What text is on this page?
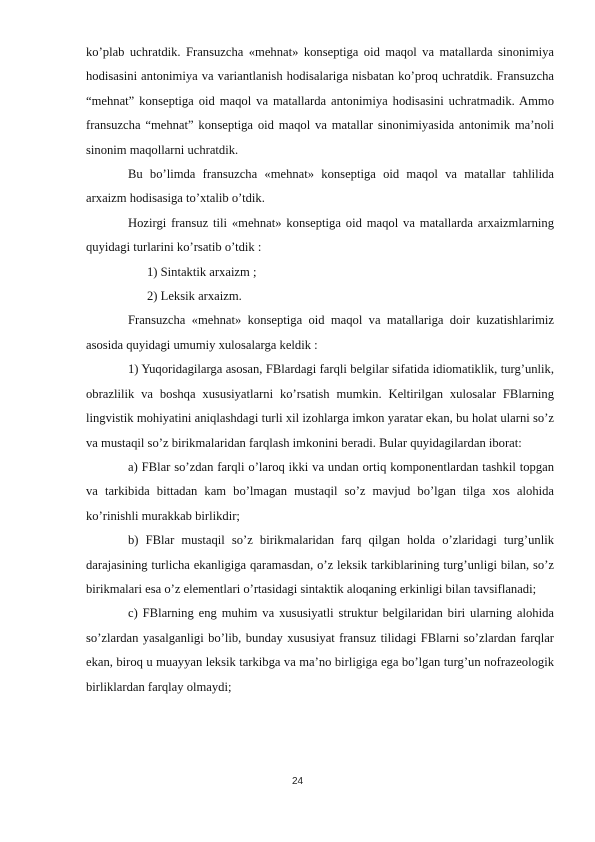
ko’plab uchratdik. Fransuzcha «mehnat» konseptiga oid maqol va matallarda sinonimiya hodisasini antonimiya va variantlanish hodisalariga nisbatan ko’proq uchratdik. Fransuzcha “mehnat” konseptiga oid maqol va matallarda antonimiya hodisasini uchratmadik. Ammo fransuzcha “mehnat” konseptiga oid maqol va matallar sinonimiyasida antonimik ma’noli sinonim maqollarni uchratdik.

Bu bo’limda fransuzcha «mehnat» konseptiga oid maqol va matallar tahlilida arxaizm hodisasiga to’xtalib o’tdik.

Hozirgi fransuz tili «mehnat» konseptiga oid maqol va matallarda arxaizmlarning quyidagi turlarini ko’rsatib o’tdik :

1) Sintaktik arxaizm ;

2) Leksik arxaizm.

Fransuzcha «mehnat» konseptiga oid maqol va matallariga doir kuzatishlarimiz asosida quyidagi umumiy xulosalarga keldik :

1) Yuqoridagilarga asosan, FBlardagi farqli belgilar sifatida idiomatiklik, turg’unlik, obrazlilik va boshqa xususiyatlarni ko’rsatish mumkin. Keltirilgan xulosalar FBlarning lingvistik mohiyatini aniqlashdagi turli xil izohlarga imkon yaratar ekan, bu holat ularni so’z va mustaqil so’z birikmalaridan farqlash imkonini beradi. Bular quyidagilardan iborat:

a) FBlar so’zdan farqli o’laroq ikki va undan ortiq komponentlardan tashkil topgan va tarkibida bittadan kam bo’lmagan mustaqil so’z mavjud bo’lgan tilga xos alohida ko’rinishli murakkab birlikdir;

b) FBlar mustaqil so’z birikmalaridan farq qilgan holda o’zlaridagi turg’unlik darajasining turlicha ekanligiga qaramasdan, o’z leksik tarkiblarining turg’unligi bilan, so’z birikmalari esa o’z elementlari o’rtasidagi sintaktik aloqaning erkinligi bilan tavsiflanadi;

c) FBlarning eng muhim va xususiyatli struktur belgilaridan biri ularning alohida so’zlardan yasalganligi bo’lib, bunday xususiyat fransuz tilidagi FBlarni so’zlardan farqlar ekan, biroq u muayyan leksik tarkibga va ma’no birligiga ega bo’lgan turg’un nofrazeologik birliklardan farqlay olmaydi;

24
